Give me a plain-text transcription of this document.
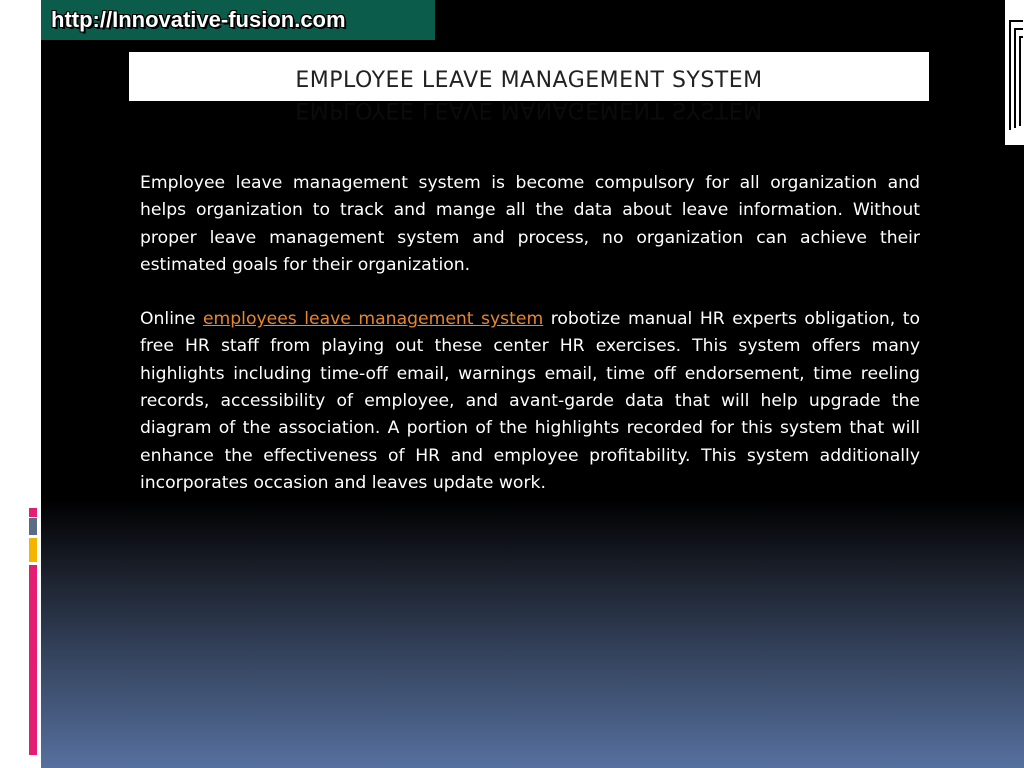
http://Innovative-fusion.com
EMPLOYEE LEAVE MANAGEMENT SYSTEM
EMPLOYEE LEAVE MANAGEMENT SYSTEM

Employee leave management system is become compulsory for all organization and helps organization to track and mange all the data about leave information. Without proper leave management system and process, no organization can achieve their estimated goals for their organization.

Online employees leave management system robotize manual HR experts obligation, to free HR staff from playing out these center HR exercises. This system offers many highlights including time-off email, warnings email, time off endorsement, time reeling records, accessibility of employee, and avant-garde data that will help upgrade the diagram of the association. A portion of the highlights recorded for this system that will enhance the effectiveness of HR and employee profitability. This system additionally incorporates occasion and leaves update work.
